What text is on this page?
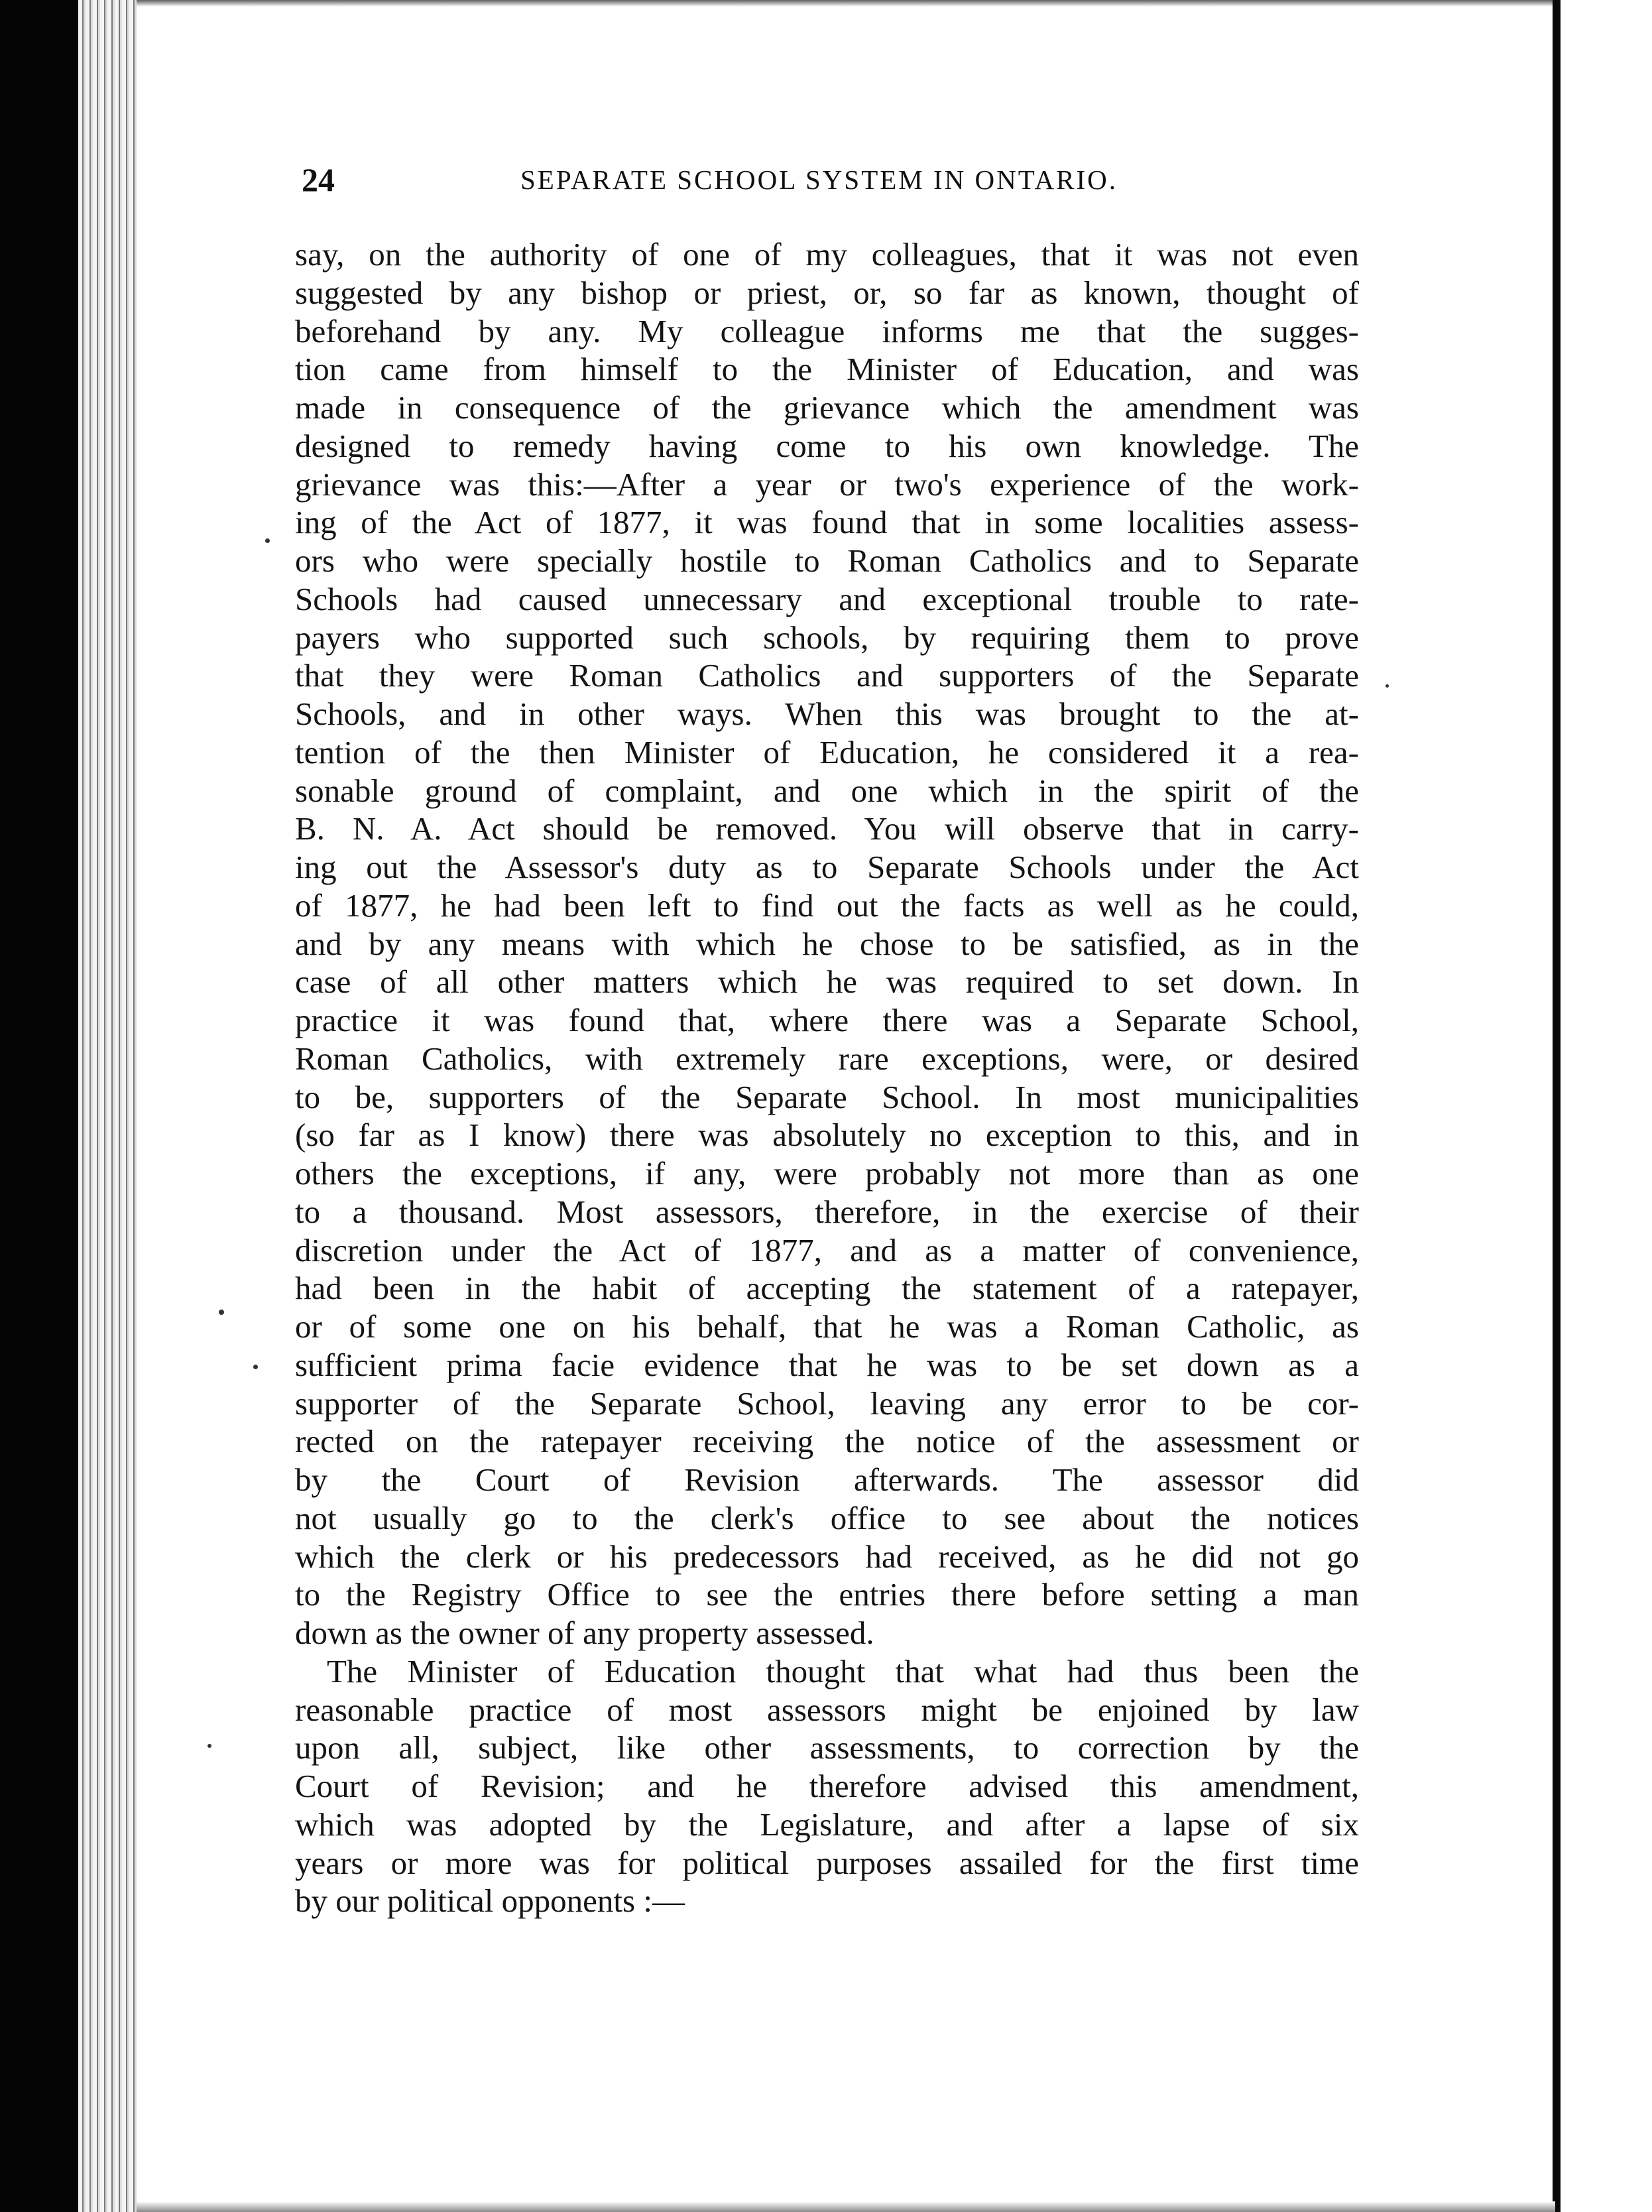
24	SEPARATE SCHOOL SYSTEM IN ONTARIO.
say, on the authority of one of my colleagues, that it was not even
suggested by any bishop or priest, or, so far as known, thought of
beforehand by any. My colleague informs me that the sugges-
tion came from himself to the Minister of Education, and was
made in consequence of the grievance which the amendment was
designed to remedy having come to his own knowledge. The
grievance was this:—After a year or two's experience of the work-
ing of the Act of 1877, it was found that in some localities assess-
ors who were specially hostile to Roman Catholics and to Separate
Schools had caused unnecessary and exceptional trouble to rate-
payers who supported such schools, by requiring them to prove
that they were Roman Catholics and supporters of the Separate
Schools, and in other ways. When this was brought to the at-
tention of the then Minister of Education, he considered it a rea-
sonable ground of complaint, and one which in the spirit of the
B. N. A. Act should be removed. You will observe that in carry-
ing out the Assessor's duty as to Separate Schools under the Act
of 1877, he had been left to find out the facts as well as he could,
and by any means with which he chose to be satisfied, as in the
case of all other matters which he was required to set down. In
practice it was found that, where there was a Separate School,
Roman Catholics, with extremely rare exceptions, were, or desired
to be, supporters of the Separate School. In most municipalities
(so far as I know) there was absolutely no exception to this, and in
others the exceptions, if any, were probably not more than as one
to a thousand. Most assessors, therefore, in the exercise of their
discretion under the Act of 1877, and as a matter of convenience,
had been in the habit of accepting the statement of a ratepayer,
or of some one on his behalf, that he was a Roman Catholic, as
sufficient prima facie evidence that he was to be set down as a
supporter of the Separate School, leaving any error to be cor-
rected on the ratepayer receiving the notice of the assessment or
by the Court of Revision afterwards. The assessor did
not usually go to the clerk's office to see about the notices
which the clerk or his predecessors had received, as he did not go
to the Registry Office to see the entries there before setting a man
down as the owner of any property assessed.
The Minister of Education thought that what had thus been the
reasonable practice of most assessors might be enjoined by law
upon all, subject, like other assessments, to correction by the
Court of Revision; and he therefore advised this amendment,
which was adopted by the Legislature, and after a lapse of six
years or more was for political purposes assailed for the first time
by our political opponents :—
